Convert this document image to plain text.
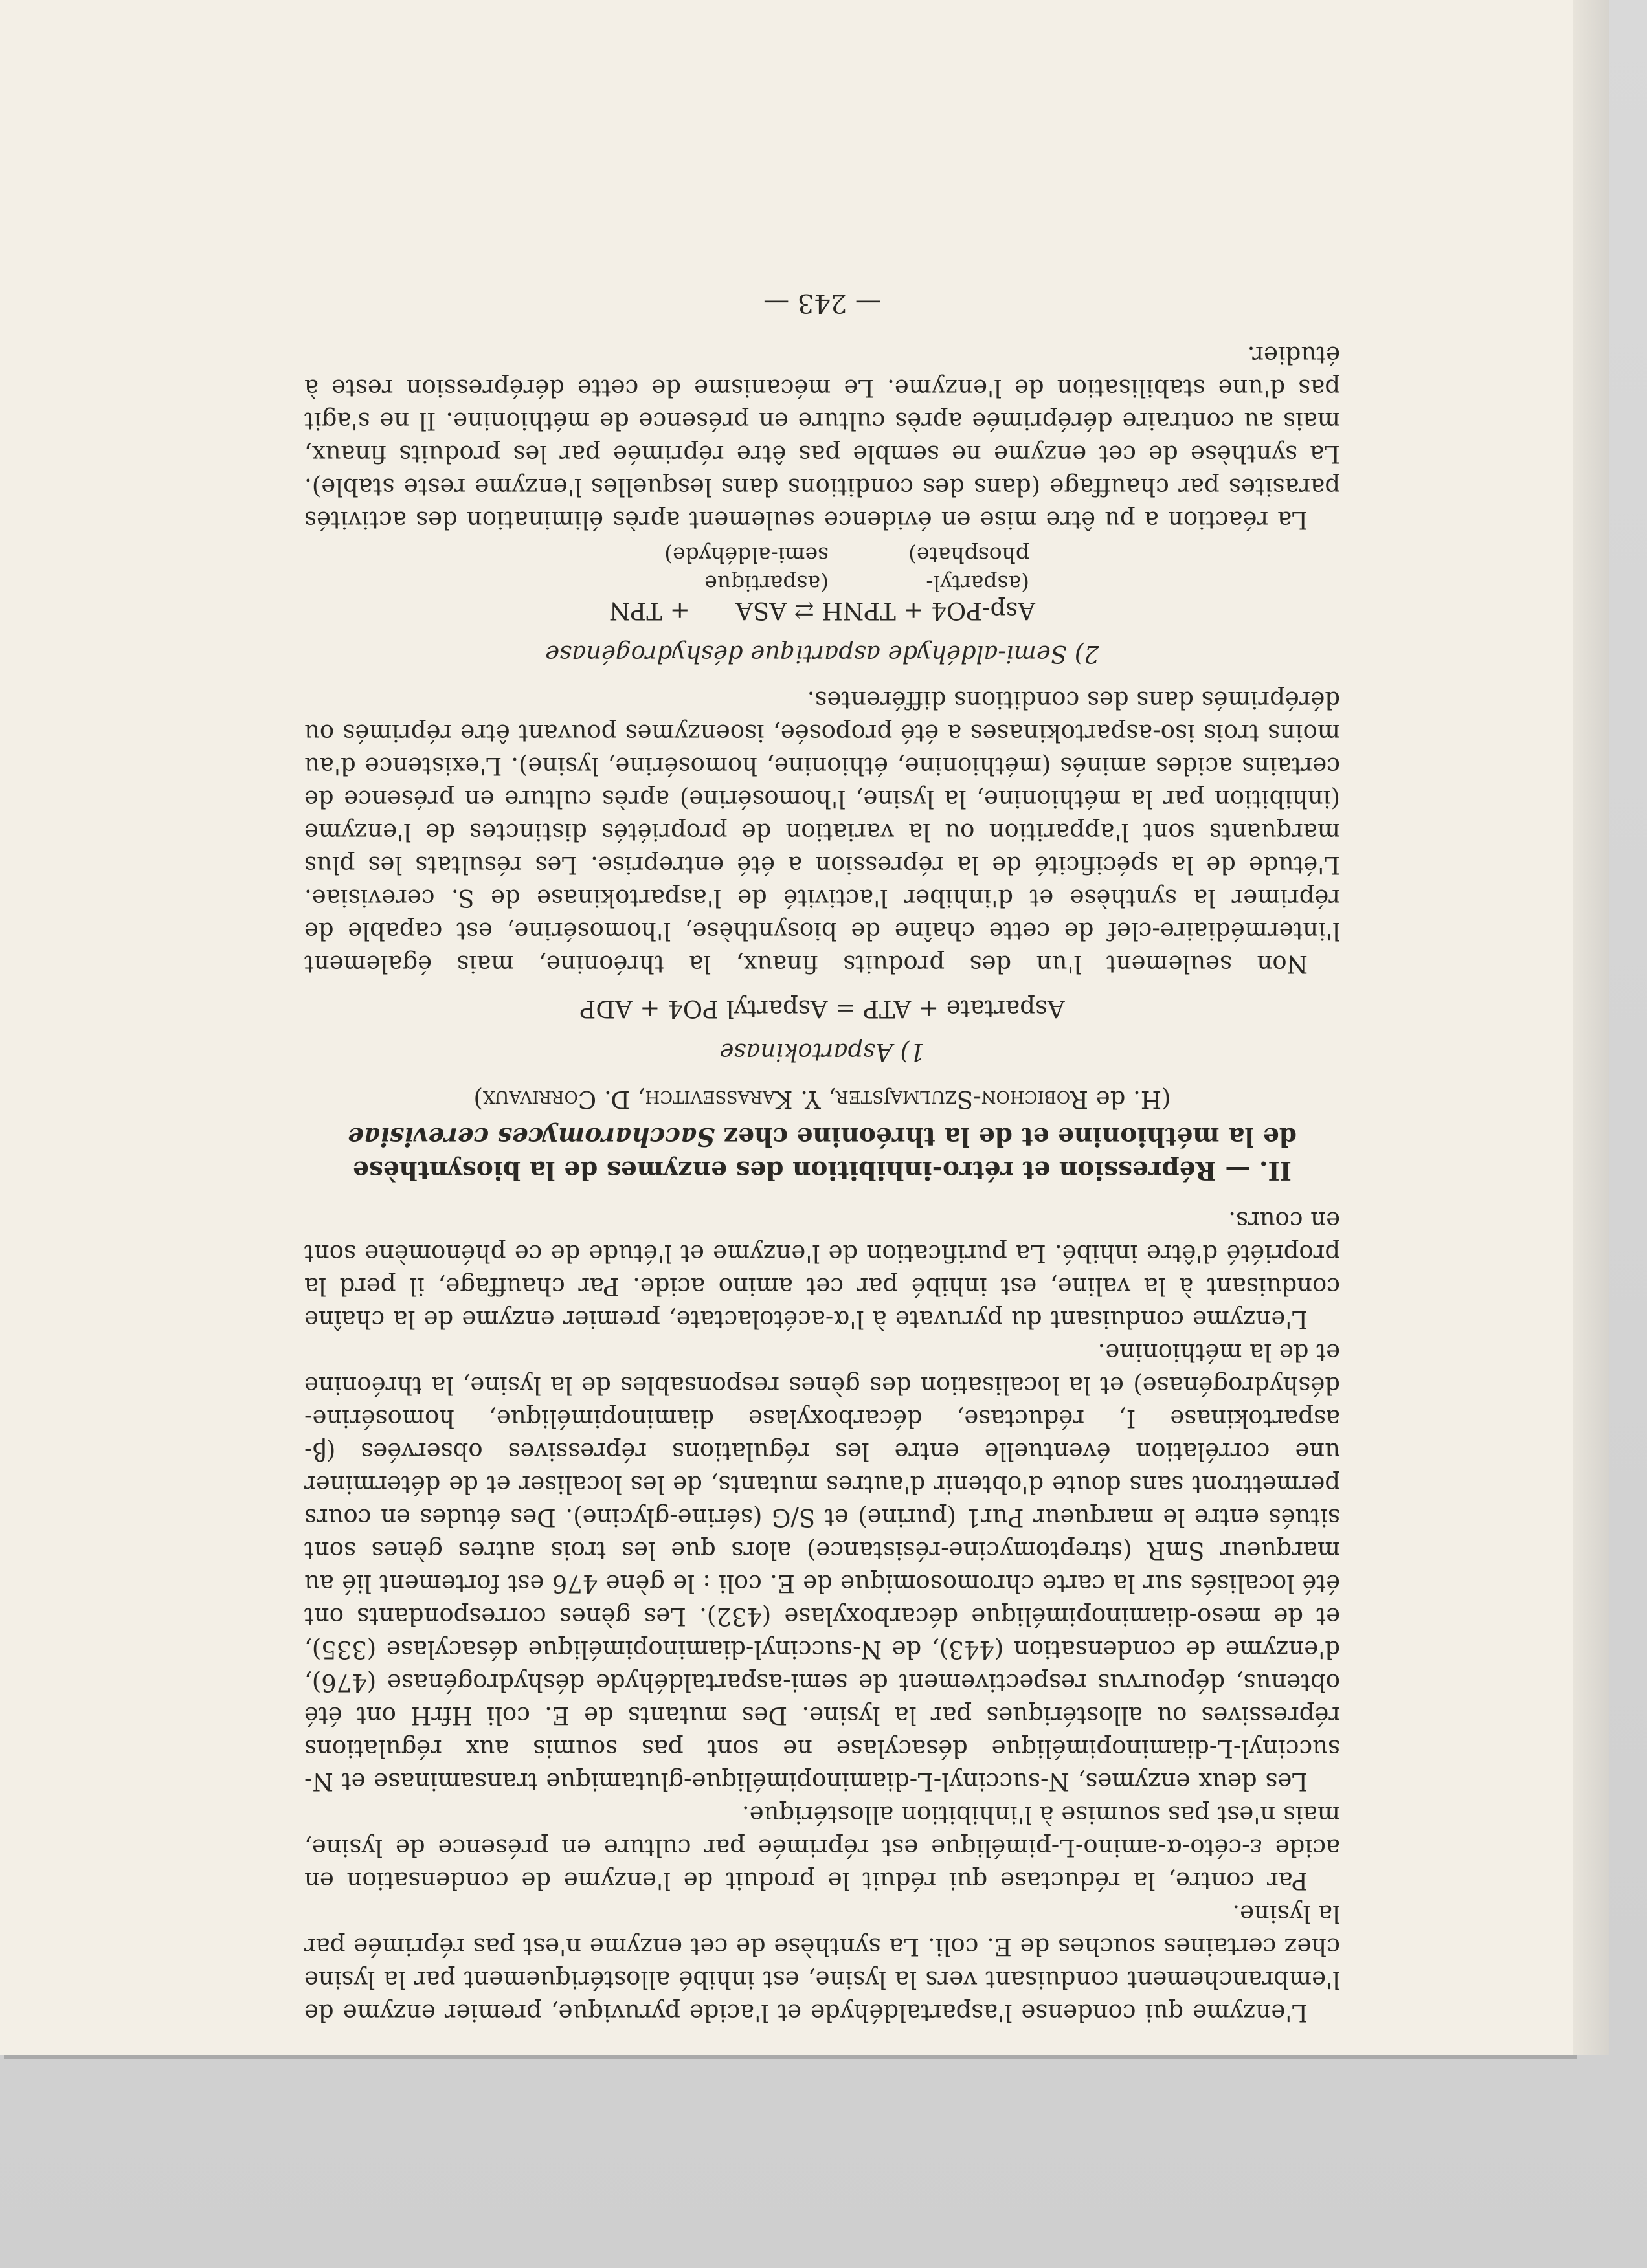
L'enzyme qui condense l'aspartaldéhyde et l'acide pyruvique, premier enzyme de l'embranchement conduisant vers la lysine, est inhibé allostériquement par la lysine chez certaines souches de E. coli. La synthèse de cet enzyme n'est pas réprimée par la lysine.

Par contre, la réductase qui réduit le produit de l'enzyme de condensation en acide ε-céto-α-amino-L-pimélique est réprimée par culture en présence de lysine, mais n'est pas soumise à l'inhibition allostérique.

Les deux enzymes, N-succinyl-L-diaminopimélique-glutamique transaminase et N-succinyl-L-diaminopimélique désacylase ne sont pas soumis aux régulations répressives ou allostériques par la lysine. Des mutants de E. coli HfrH ont été obtenus, dépourvus respectivement de semi-aspartaldéhyde déshydrogénase (476), d'enzyme de condensation (443), de N-succinyl-diaminopimélique désacylase (335), et de meso-diaminopimélique décarboxylase (432). Les gènes correspondants ont été localisés sur la carte chromosomique de E. coli : le gène 476 est fortement lié au marqueur SmR (streptomycine-résistance) alors que les trois autres gènes sont situés entre le marqueur Pur1 (purine) et S/G (sérine-glycine). Des études en cours permettront sans doute d'obtenir d'autres mutants, de les localiser et de déterminer une corrélation éventuelle entre les régulations répressives observées (β-aspartokinase I, réductase, décarboxylase diaminopimélique, homosérine-déshydrogénase) et la localisation des gènes responsables de la lysine, la thréonine et de la méthionine.

L'enzyme conduisant du pyruvate à l'α-acétolactate, premier enzyme de la chaîne conduisant à la valine, est inhibé par cet amino acide. Par chauffage, il perd la propriété d'être inhibé. La purification de l'enzyme et l'étude de ce phénomène sont en cours.

II. — Répression et rétro-inhibition des enzymes de la biosynthèse
de la méthionine et de la thréonine chez Saccharomyces cerevisiae
(H. de Robichon-Szulmajster, Y. Karassevitch, D. Corrivaux)
1) Aspartokinase
Aspartate + ATP = Aspartyl PO4 + ADP

Non seulement l'un des produits finaux, la thréonine, mais également l'intermédiaire-clef de cette chaîne de biosynthèse, l'homosérine, est capable de réprimer la synthèse et d'inhiber l'activité de l'aspartokinase de S. cerevisiae. L'étude de la spécificité de la répression a été entreprise. Les résultats les plus marquants sont l'apparition ou la variation de propriétés distinctes de l'enzyme (inhibition par la méthionine, la lysine, l'homosérine) après culture en présence de certains acides aminés (méthionine, éthionine, homosérine, lysine). L'existence d'au moins trois iso-aspartokinases a été proposée, isoenzymes pouvant être réprimés ou déréprimés dans des conditions différentes.

2) Semi-aldéhyde aspartique déshydrogénase
Asp-PO4 + TPNH ⇄ ASA      + TPN
(aspartyl-
phosphate)
(aspartique
semi-aldéhyde)

La réaction a pu être mise en évidence seulement après élimination des activités parasites par chauffage (dans des conditions dans lesquelles l'enzyme reste stable). La synthèse de cet enzyme ne semble pas être réprimée par les produits finaux, mais au contraire déréprimée après culture en présence de méthionine. Il ne s'agit pas d'une stabilisation de l'enzyme. Le mécanisme de cette dérépression reste à étudier.

— 243 —
